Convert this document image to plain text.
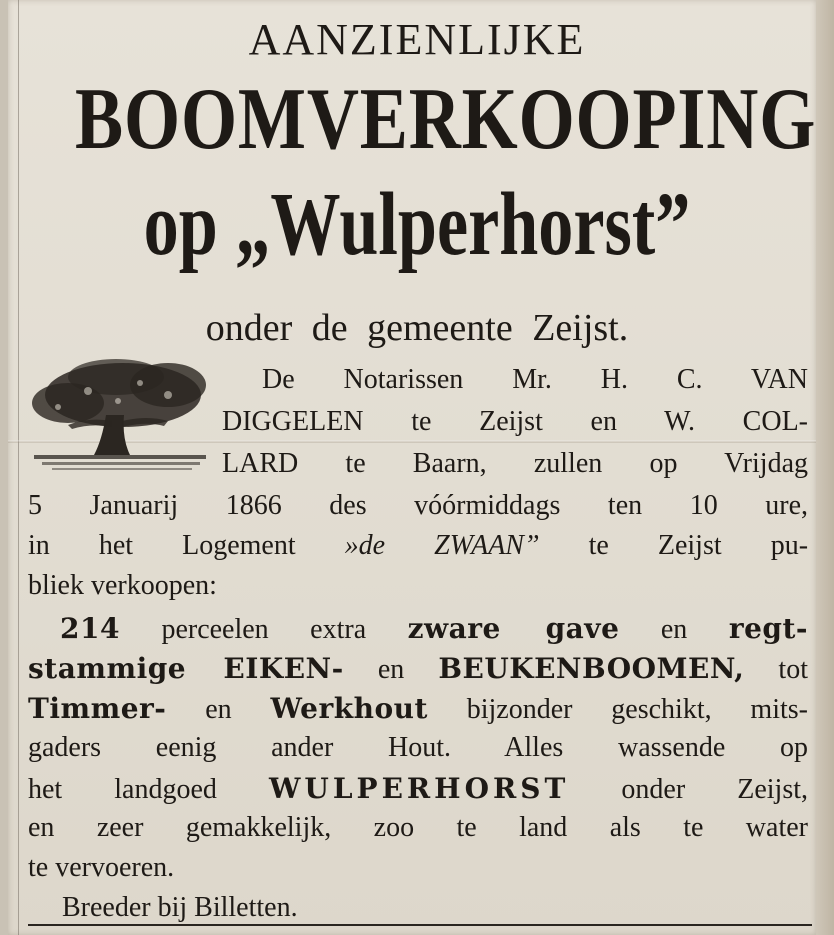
AANZIENLIJKE
BOOMVERKOOPING
op „Wulperhorst”
onder de gemeente Zeijst.
De Notarissen Mr. H. C. VAN
DIGGELEN te Zeijst en W. COL-
LARD te Baarn, zullen op Vrijdag
5 Januarij 1866 des vóórmiddags ten 10 ure,
in het Logement »de ZWAAN” te Zeijst pu-
bliek verkoopen:
214 perceelen extra zware gave en regt-
stammige EIKEN- en BEUKENBOOMEN, tot
Timmer- en Werkhout bijzonder geschikt, mits-
gaders eenig ander Hout. Alles wassende op
het landgoed WULPERHORST onder Zeijst,
en zeer gemakkelijk, zoo te land als te water
te vervoeren.
Breeder bij Billetten.
